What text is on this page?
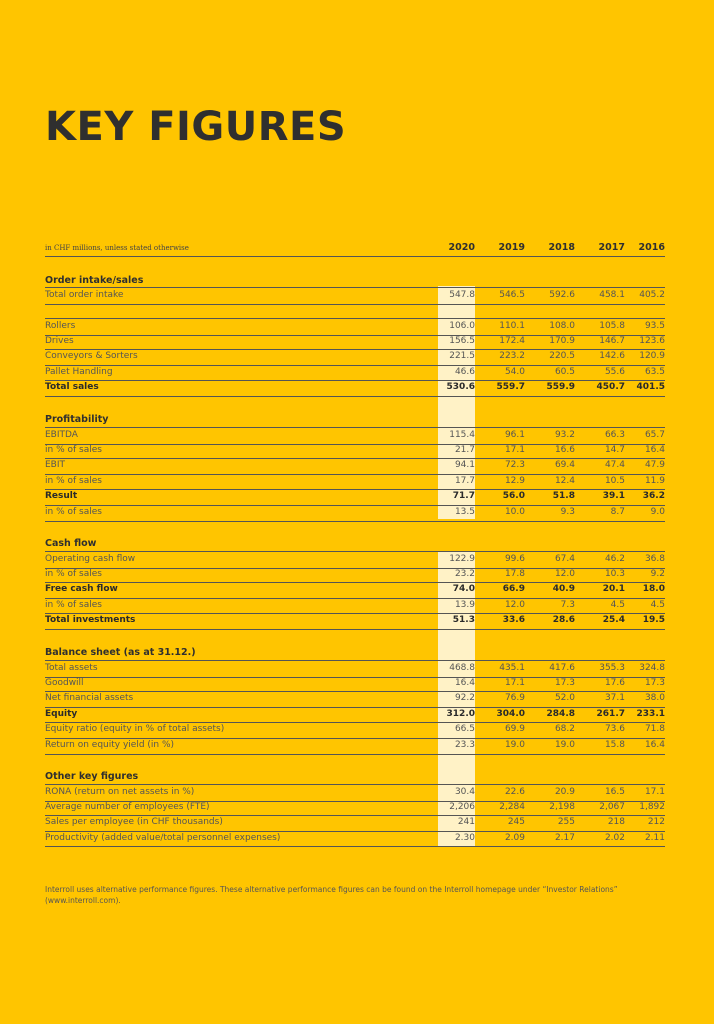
KEY FIGURES
in CHF millions, unless stated otherwise	2020	2019	2018	2017	2016
Order intake/sales
Total order intake	547.8	546.5	592.6	458.1	405.2
Rollers	106.0	110.1	108.0	105.8	93.5
Drives	156.5	172.4	170.9	146.7	123.6
Conveyors & Sorters	221.5	223.2	220.5	142.6	120.9
Pallet Handling	46.6	54.0	60.5	55.6	63.5
Total sales	530.6	559.7	559.9	450.7	401.5
Profitability
EBITDA	115.4	96.1	93.2	66.3	65.7
in % of sales	21.7	17.1	16.6	14.7	16.4
EBIT	94.1	72.3	69.4	47.4	47.9
in % of sales	17.7	12.9	12.4	10.5	11.9
Result	71.7	56.0	51.8	39.1	36.2
in % of sales	13.5	10.0	9.3	8.7	9.0
Cash flow
Operating cash flow	122.9	99.6	67.4	46.2	36.8
in % of sales	23.2	17.8	12.0	10.3	9.2
Free cash flow	74.0	66.9	40.9	20.1	18.0
in % of sales	13.9	12.0	7.3	4.5	4.5
Total investments	51.3	33.6	28.6	25.4	19.5
Balance sheet (as at 31.12.)
Total assets	468.8	435.1	417.6	355.3	324.8
Goodwill	16.4	17.1	17.3	17.6	17.3
Net financial assets	92.2	76.9	52.0	37.1	38.0
Equity	312.0	304.0	284.8	261.7	233.1
Equity ratio (equity in % of total assets)	66.5	69.9	68.2	73.6	71.8
Return on equity yield (in %)	23.3	19.0	19.0	15.8	16.4
Other key figures
RONA (return on net assets in %)	30.4	22.6	20.9	16.5	17.1
Average number of employees (FTE)	2,206	2,284	2,198	2,067	1,892
Sales per employee (in CHF thousands)	241	245	255	218	212
Productivity (added value/total personnel expenses)	2.30	2.09	2.17	2.02	2.11
Interroll uses alternative performance figures. These alternative performance figures can be found on the Interroll homepage under “Investor Relations” (www.interroll.com).
